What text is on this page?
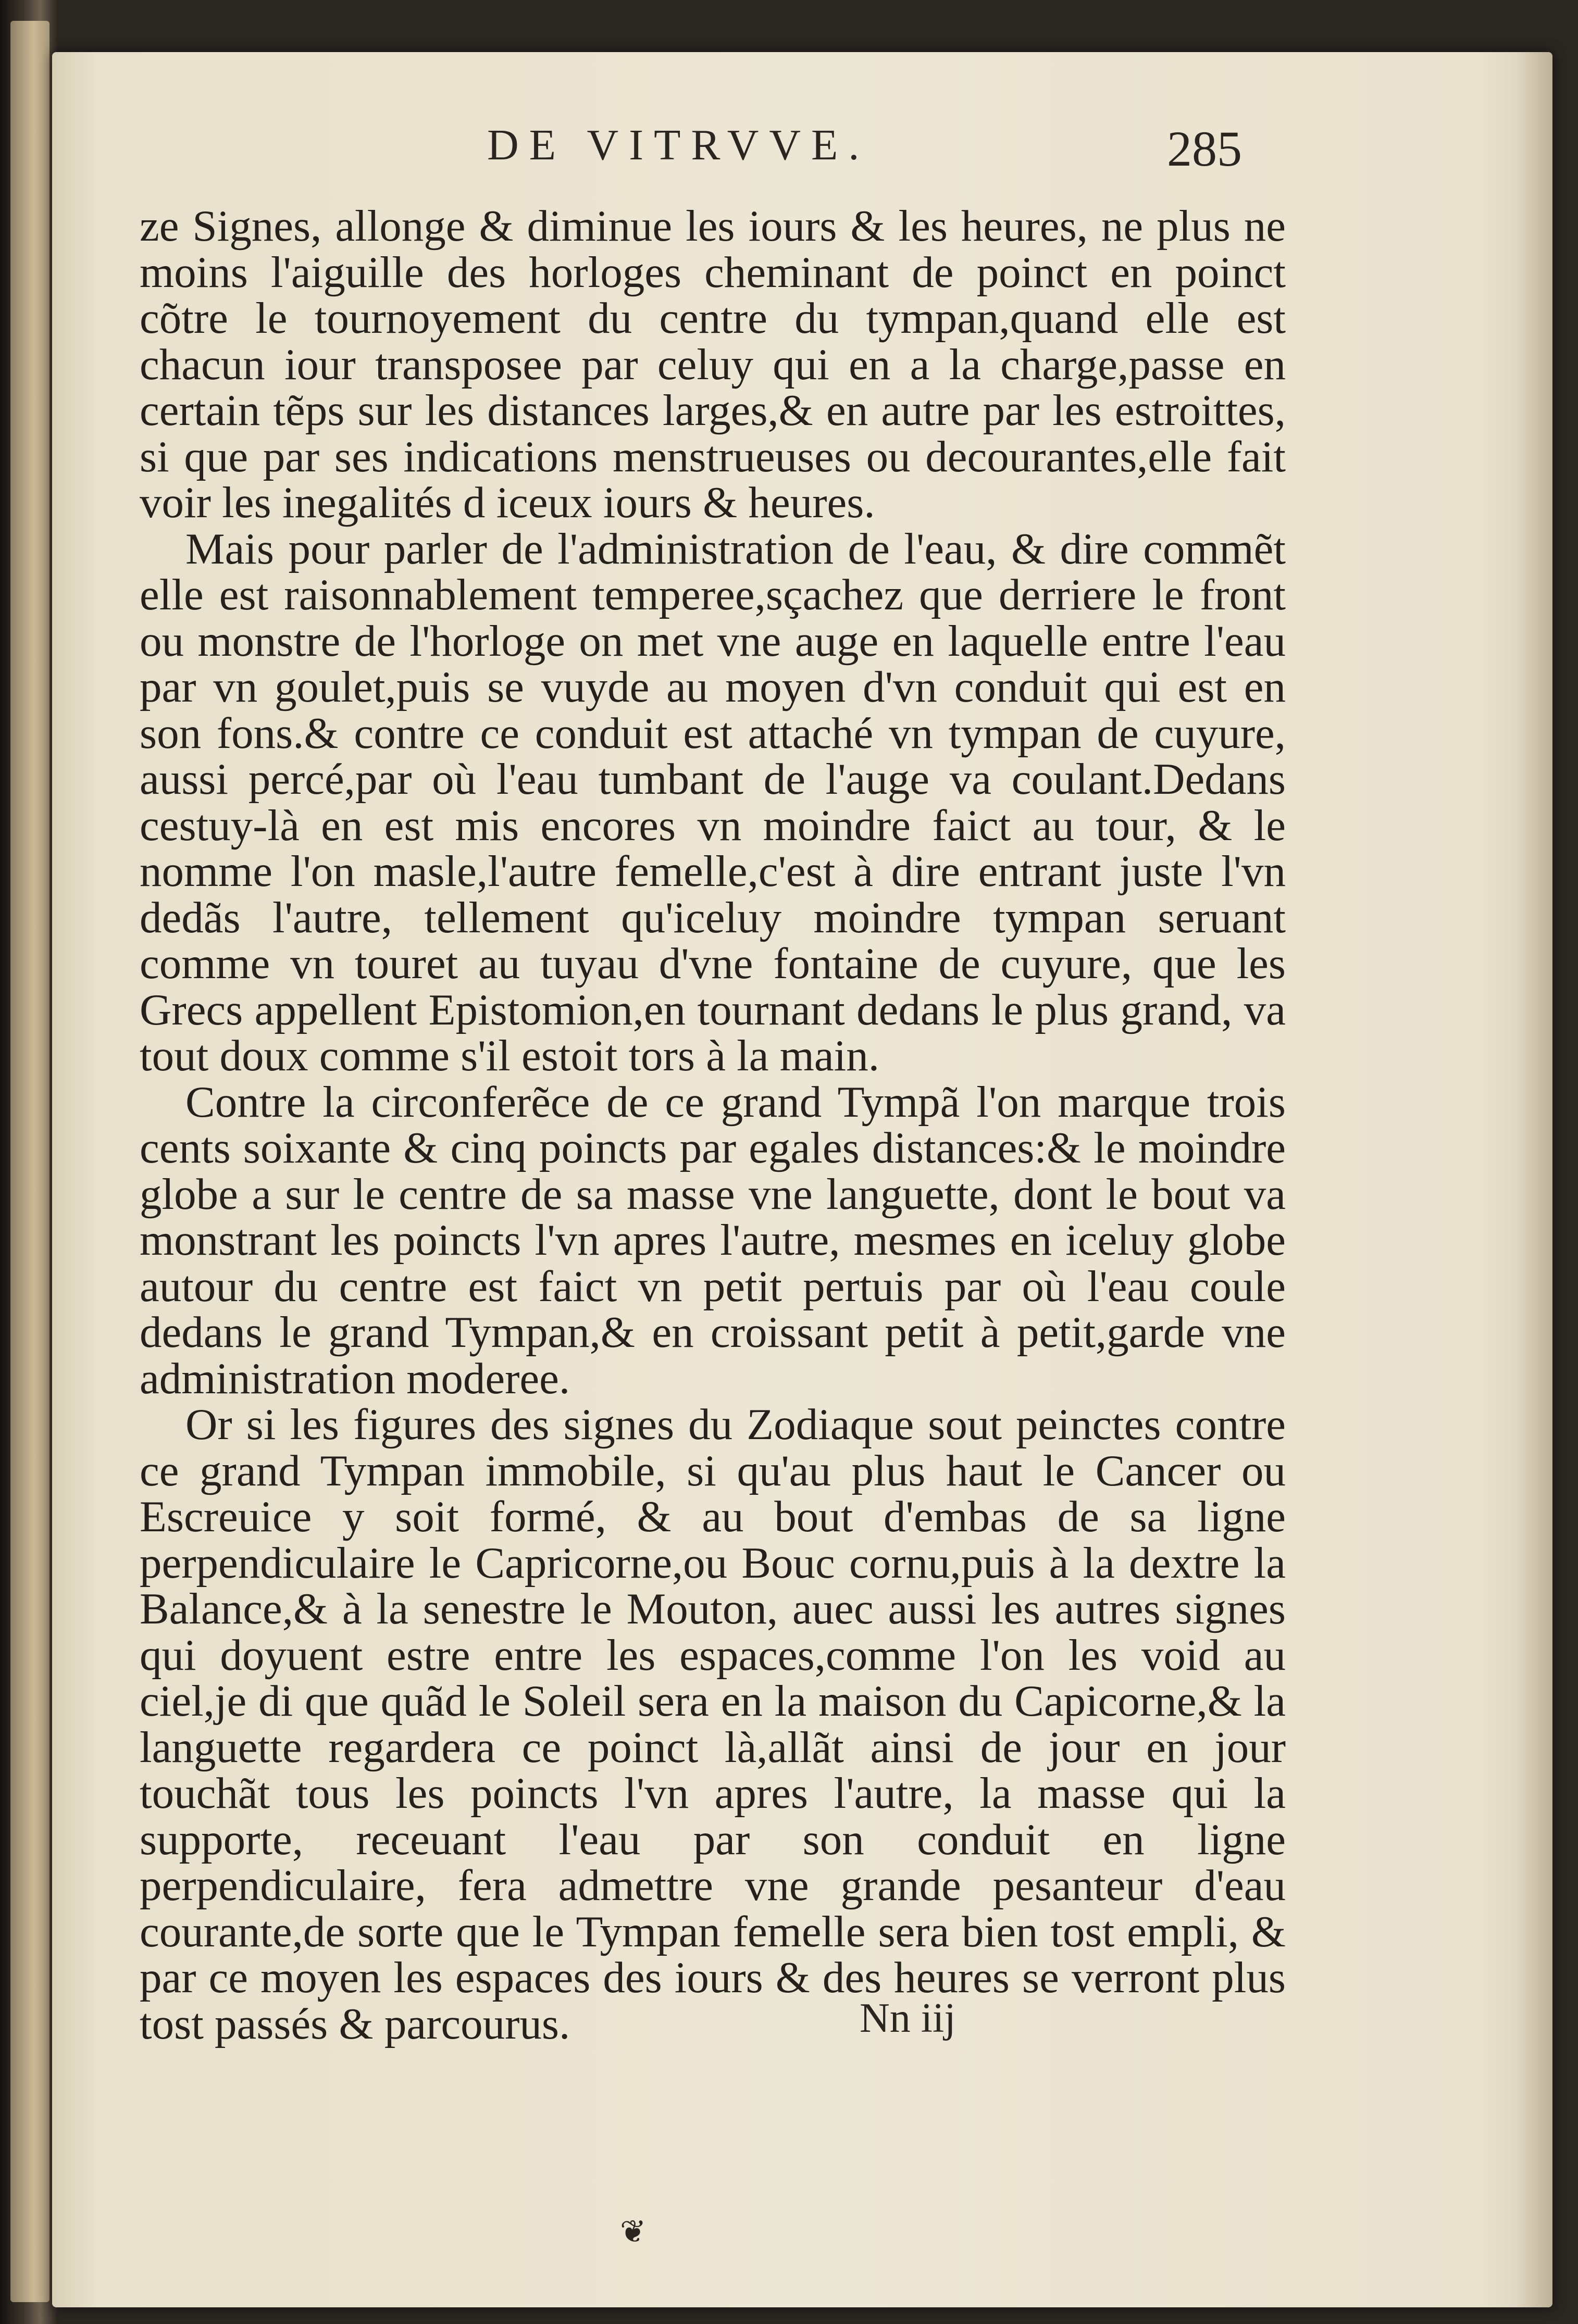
DE VITRVVE.	285

ze Signes, allonge & diminue les iours & les heures, ne plus ne moins l'aiguille des horloges cheminant de poinct en poinct cõtre le tournoyement du centre du tympan,quand elle est chacun iour transposee par celuy qui en a la charge,passe en certain tẽps sur les distances larges,& en autre par les estroittes, si que par ses indications menstrueuses ou decourantes,elle fait voir les inegalités d iceux iours & heures.

Mais pour parler de l'administration de l'eau, & dire commẽt elle est raisonnablement temperee,sçachez que derriere le front ou monstre de l'horloge on met vne auge en laquelle entre l'eau par vn goulet,puis se vuyde au moyen d'vn conduit qui est en son fons.& contre ce conduit est attaché vn tympan de cuyure, aussi percé,par où l'eau tumbant de l'auge va coulant.Dedans cestuy-là en est mis encores vn moindre faict au tour, & le nomme l'on masle,l'autre femelle,c'est à dire entrant juste l'vn dedãs l'autre, tellement qu'iceluy moindre tympan seruant comme vn touret au tuyau d'vne fontaine de cuyure, que les Grecs appellent Epistomion,en tournant dedans le plus grand, va tout doux comme s'il estoit tors à la main.

Contre la circonferẽce de ce grand Tympã l'on marque trois cents soixante & cinq poincts par egales distances:& le moindre globe a sur le centre de sa masse vne languette, dont le bout va monstrant les poincts l'vn apres l'autre, mesmes en iceluy globe autour du centre est faict vn petit pertuis par où l'eau coule dedans le grand Tympan,& en croissant petit à petit,garde vne administration moderee.

Or si les figures des signes du Zodiaque sout peinctes contre ce grand Tympan immobile, si qu'au plus haut le Cancer ou Escreuice y soit formé, & au bout d'embas de sa ligne perpendiculaire le Capricorne,ou Bouc cornu,puis à la dextre la Balance,& à la senestre le Mouton, auec aussi les autres signes qui doyuent estre entre les espaces,comme l'on les void au ciel,je di que quãd le Soleil sera en la maison du Capicorne,& la languette regardera ce poinct là,allãt ainsi de jour en jour touchãt tous les poincts l'vn apres l'autre, la masse qui la supporte, receuant l'eau par son conduit en ligne perpendiculaire, fera admettre vne grande pesanteur d'eau courante,de sorte que le Tympan femelle sera bien tost empli, & par ce moyen les espaces des iours & des heures se verront plus tost passés & parcourus.	Nn iij
❦
